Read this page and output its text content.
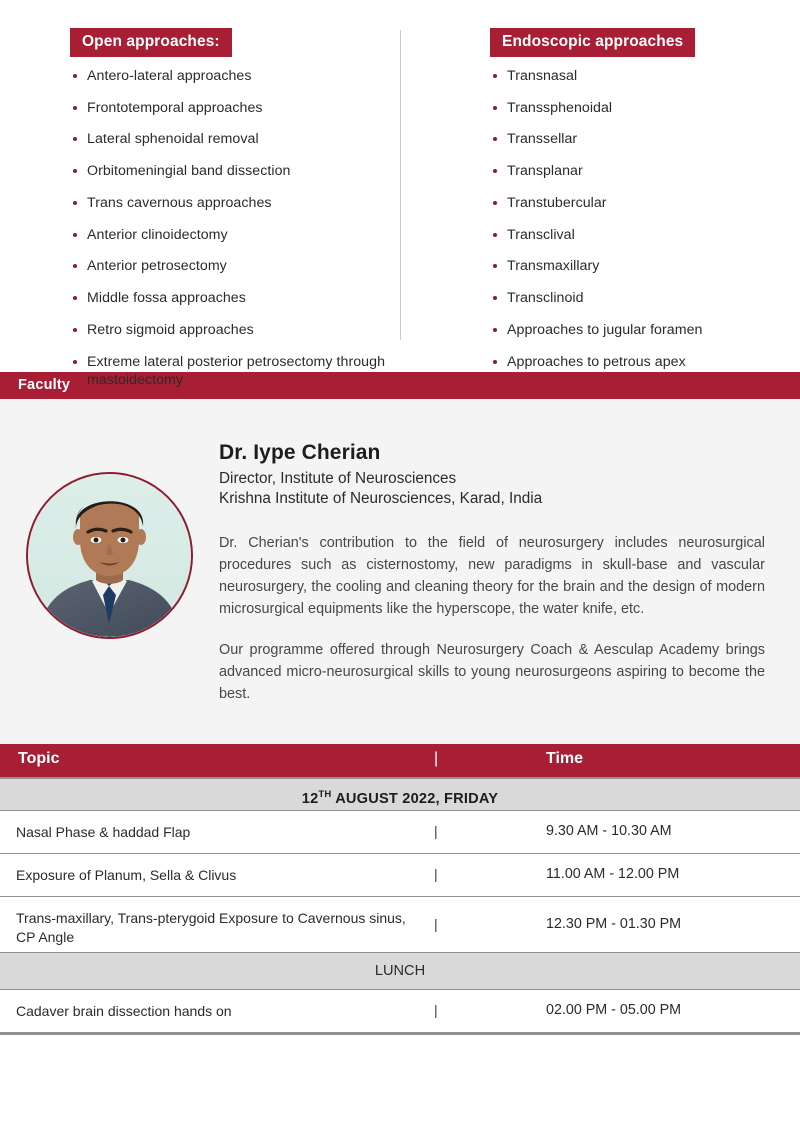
Open approaches:
Antero-lateral approaches
Frontotemporal approaches
Lateral sphenoidal removal
Orbitomeningial band dissection
Trans cavernous approaches
Anterior clinoidectomy
Anterior petrosectomy
Middle fossa approaches
Retro sigmoid approaches
Extreme lateral posterior petrosectomy through mastoidectomy
Endoscopic approaches
Transnasal
Transsphenoidal
Transsellar
Transplanar
Transtubercular
Transclival
Transmaxillary
Transclinoid
Approaches to jugular foramen
Approaches to petrous apex
Faculty
Dr. Iype Cherian
Director, Institute of Neurosciences
Krishna Institute of Neurosciences, Karad, India

Dr. Cherian's contribution to the field of neurosurgery includes neurosurgical procedures such as cisternostomy, new paradigms in skull-base and vascular neurosurgery, the cooling and cleaning theory for the brain and the design of modern microsurgical equipments like the hyperscope, the water knife, etc.

Our programme offered through Neurosurgery Coach & Aesculap Academy brings advanced micro-neurosurgical skills to young neurosurgeons aspiring to become the best.

Topic	|	Time
12TH AUGUST 2022, FRIDAY
Nasal Phase & haddad Flap	|	9.30 AM - 10.30 AM
Exposure of Planum, Sella & Clivus	|	11.00 AM - 12.00 PM
Trans-maxillary, Trans-pterygoid Exposure to Cavernous sinus, CP Angle
|	12.30 PM - 01.30 PM
LUNCH
Cadaver brain dissection hands on	|	02.00 PM - 05.00 PM
